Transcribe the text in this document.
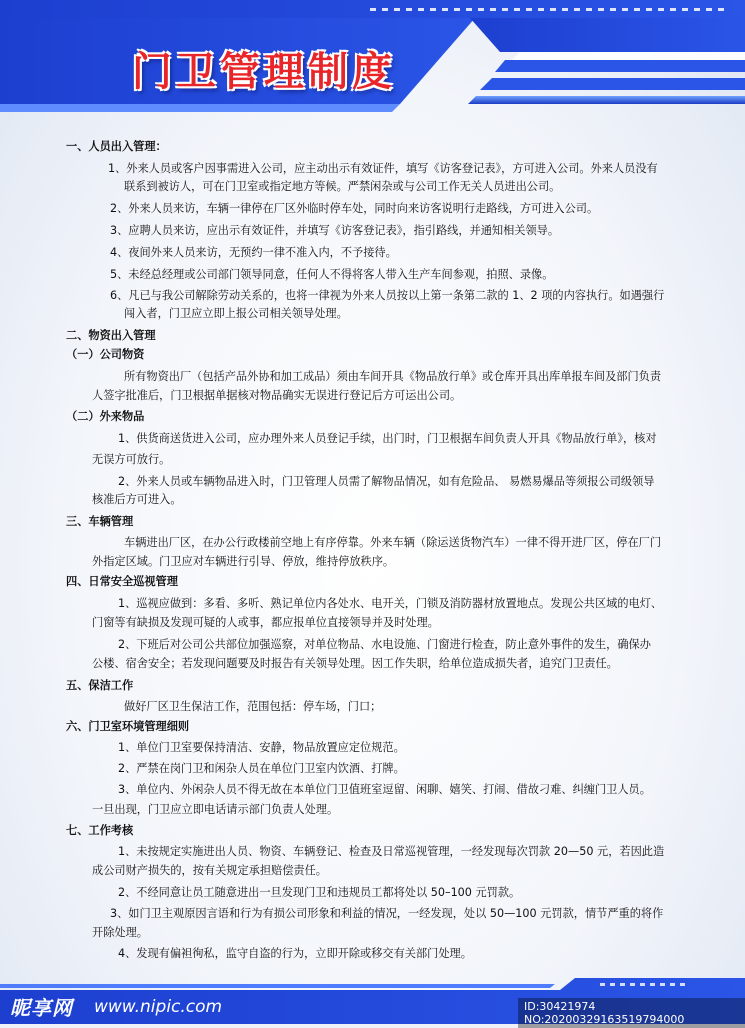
门卫管理制度
一、人员出入管理：
1、外来人员或客户因事需进入公司，应主动出示有效证件，填写《访客登记表》，方可进入公司。外来人员没有
联系到被访人，可在门卫室或指定地方等候。严禁闲杂或与公司工作无关人员进出公司。
2、外来人员来访，车辆一律停在厂区外临时停车处，同时向来访客说明行走路线，方可进入公司。
3、应聘人员来访，应出示有效证件，并填写《访客登记表》，指引路线，并通知相关领导。
4、夜间外来人员来访，无预约一律不准入内，不予接待。
5、未经总经理或公司部门领导同意，任何人不得将客人带入生产车间参观，拍照、录像。
6、凡已与我公司解除劳动关系的，也将一律视为外来人员按以上第一条第二款的 1、2 项的内容执行。如遇强行
闯入者，门卫应立即上报公司相关领导处理。
二、物资出入管理
（一）公司物资
所有物资出厂（包括产品外协和加工成品）须由车间开具《物品放行单》或仓库开具出库单报车间及部门负责
人签字批准后，门卫根据单据核对物品确实无误进行登记后方可运出公司。
（二）外来物品
1、供货商送货进入公司，应办理外来人员登记手续，出门时，门卫根据车间负责人开具《物品放行单》，核对
无误方可放行。
2、外来人员或车辆物品进入时，门卫管理人员需了解物品情况，如有危险品、 易燃易爆品等须报公司级领导
核准后方可进入。
三、车辆管理
车辆进出厂区，在办公行政楼前空地上有序停靠。外来车辆（除运送货物汽车）一律不得开进厂区，停在厂门
外指定区域。门卫应对车辆进行引导、停放，维持停放秩序。
四、日常安全巡视管理
1、巡视应做到：多看、多听、熟记单位内各处水、电开关，门锁及消防器材放置地点。发现公共区域的电灯、
门窗等有缺损及发现可疑的人或事，都应报单位直接领导并及时处理。
2、下班后对公司公共部位加强巡察，对单位物品、水电设施、门窗进行检查，防止意外事件的发生，确保办
公楼、宿舍安全；若发现问题要及时报告有关领导处理。因工作失职，给单位造成损失者，追究门卫责任。
五、保洁工作
做好厂区卫生保洁工作，范围包括：停车场，门口；
六、门卫室环境管理细则
1、单位门卫室要保持清洁、安静，物品放置应定位规范。
2、严禁在岗门卫和闲杂人员在单位门卫室内饮酒、打牌。
3、单位内、外闲杂人员不得无故在本单位门卫值班室逗留、闲聊、嬉笑、打闹、借故刁难、纠缠门卫人员。
一旦出现，门卫应立即电话请示部门负责人处理。
七、工作考核
1、未按规定实施进出人员、物资、车辆登记、检查及日常巡视管理，一经发现每次罚款 20—50 元，若因此造
成公司财产损失的，按有关规定承担赔偿责任。
2、不经同意让员工随意进出一旦发现门卫和违规员工都将处以 50–100 元罚款。
3、如门卫主观原因言语和行为有损公司形象和利益的情况，一经发现，处以 50—100 元罚款，情节严重的将作
开除处理。
4、发现有偏袒徇私，监守自盗的行为，立即开除或移交有关部门处理。
昵享网 www.nipic.com	ID:30421974 NO:20200329163519794000
